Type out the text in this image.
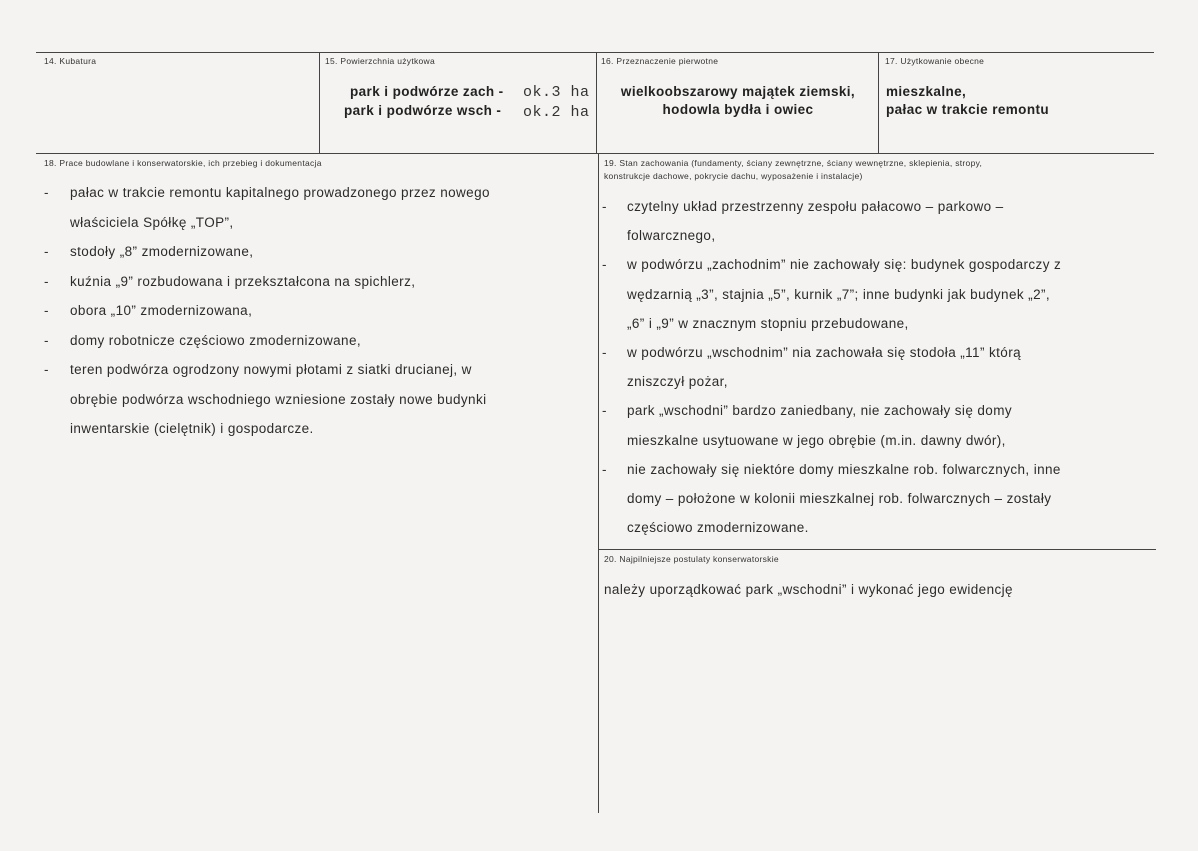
14. Kubatura	15. Powierzchnia użytkowa
park i podwórze zach - ok.3 ha
park i podwórze wsch - ok.2 ha
16. Przeznaczenie pierwotne
wielkoobszarowy majątek ziemski,
hodowla bydła i owiec
17. Użytkowanie obecne
mieszkalne,
pałac w trakcie remontu
18. Prace budowlane i konserwatorskie, ich przebieg i dokumentacja
- pałac w trakcie remontu kapitalnego prowadzonego przez nowego
właściciela Spółkę „TOP”,
- stodoły „8” zmodernizowane,
- kuźnia „9” rozbudowana i przekształcona na spichlerz,
- obora „10” zmodernizowana,
- domy robotnicze częściowo zmodernizowane,
- teren podwórza ogrodzony nowymi płotami z siatki drucianej, w
obrębie podwórza wschodniego wzniesione zostały nowe budynki
inwentarskie (cielętnik) i gospodarcze.
19. Stan zachowania (fundamenty, ściany zewnętrzne, ściany wewnętrzne, sklepienia, stropy,
konstrukcje dachowe, pokrycie dachu, wyposażenie i instalacje)
- czytelny układ przestrzenny zespołu pałacowo – parkowo –
folwarcznego,
- w podwórzu „zachodnim” nie zachowały się: budynek gospodarczy z
wędzarnią „3”, stajnia „5”, kurnik „7”; inne budynki jak budynek „2”,
„6” i „9” w znacznym stopniu przebudowane,
- w podwórzu „wschodnim” nia zachowała się stodoła „11” którą
zniszczył pożar,
- park „wschodni” bardzo zaniedbany, nie zachowały się domy
mieszkalne usytuowane w jego obrębie (m.in. dawny dwór),
- nie zachowały się niektóre domy mieszkalne rob. folwarcznych, inne
domy – położone w kolonii mieszkalnej rob. folwarcznych – zostały
częściowo zmodernizowane.
20. Najpilniejsze postulaty konserwatorskie
należy uporządkować park „wschodni” i wykonać jego ewidencję
